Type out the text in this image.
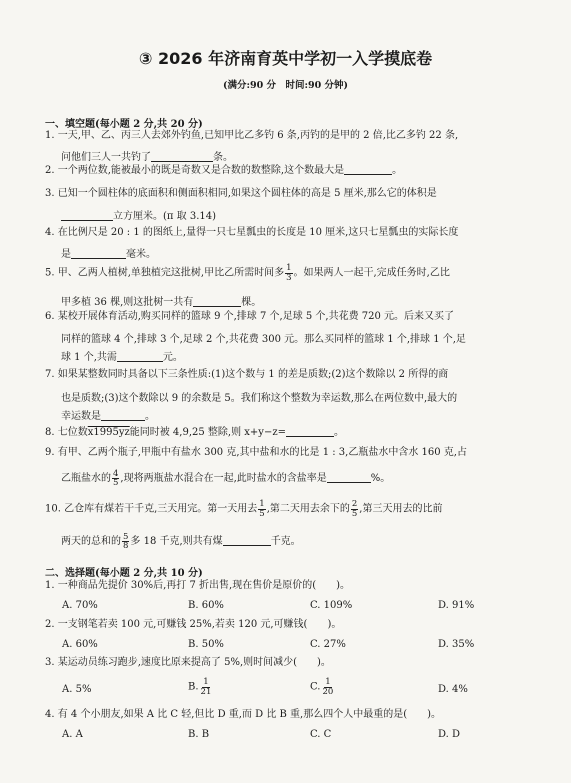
③ 2026 年济南育英中学初一入学摸底卷
(满分:90 分　时间:90 分钟)
一、填空题(每小题 2 分,共 20 分)
1. 一天,甲、乙、丙三人去郊外钓鱼,已知甲比乙多钓 6 条,丙钓的是甲的 2 倍,比乙多钓 22 条,
问他们三人一共钓了	条。
2. 一个两位数,能被最小的既是奇数又是合数的数整除,这个数最大是	。
3. 已知一个圆柱体的底面积和侧面积相同,如果这个圆柱体的高是 5 厘米,那么它的体积是
立方厘米。(π 取 3.14)
4. 在比例尺是 20 : 1 的图纸上,量得一只七星瓢虫的长度是 10 厘米,这只七星瓢虫的实际长度
是	毫米。
5. 甲、乙两人植树,单独植完这批树,甲比乙所需时间多 $\frac{1}{3}$ 。如果两人一起干,完成任务时,乙比
甲多植 36 棵,则这批树一共有	棵。
6. 某校开展体育活动,购买同样的篮球 9 个,排球 7 个,足球 5 个,共花费 720 元。后来又买了
同样的篮球 4 个,排球 3 个,足球 2 个,共花费 300 元。那么买同样的篮球 1 个,排球 1 个,足
球 1 个,共需	元。
7. 如果某整数同时具备以下三条性质:(1)这个数与 1 的差是质数;(2)这个数除以 2 所得的商
也是质数;(3)这个数除以 9 的余数是 5。我们称这个整数为幸运数,那么在两位数中,最大的
幸运数是	。
8. 七位数x1995yz能同时被 4,9,25 整除,则 x+y−z=	。
9. 有甲、乙两个瓶子,甲瓶中有盐水 300 克,其中盐和水的比是 1 : 3,乙瓶盐水中含水 160 克,占
乙瓶盐水的 $\frac{4}{5}$ ,现将两瓶盐水混合在一起,此时盐水的含盐率是	%。
10. 乙仓库有煤若干千克,三天用完。第一天用去 $\frac{1}{5}$ ,第二天用去余下的 $\frac{2}{5}$ ,第三天用去的比前
两天的总和的 $\frac{5}{8}$ 多 18 千克,则共有煤	千克。
二、选择题(每小题 2 分,共 10 分)
1. 一种商品先提价 30%后,再打 7 折出售,现在售价是原价的(　　)。
A. 70%	B. 60%	C. 109%	D. 91%
2. 一支钢笔若卖 100 元,可赚钱 25%,若卖 120 元,可赚钱(　　)。
A. 60%	B. 50%	C. 27%	D. 35%
3. 某运动员练习跑步,速度比原来提高了 5%,则时间减少(　　)。
A. 5%	B. $\frac{1}{21}$	C. $\frac{1}{20}$	D. 4%
4. 有 4 个小朋友,如果 A 比 C 轻,但比 D 重,而 D 比 B 重,那么四个人中最重的是(　　)。
A. A	B. B	C. C	D. D
